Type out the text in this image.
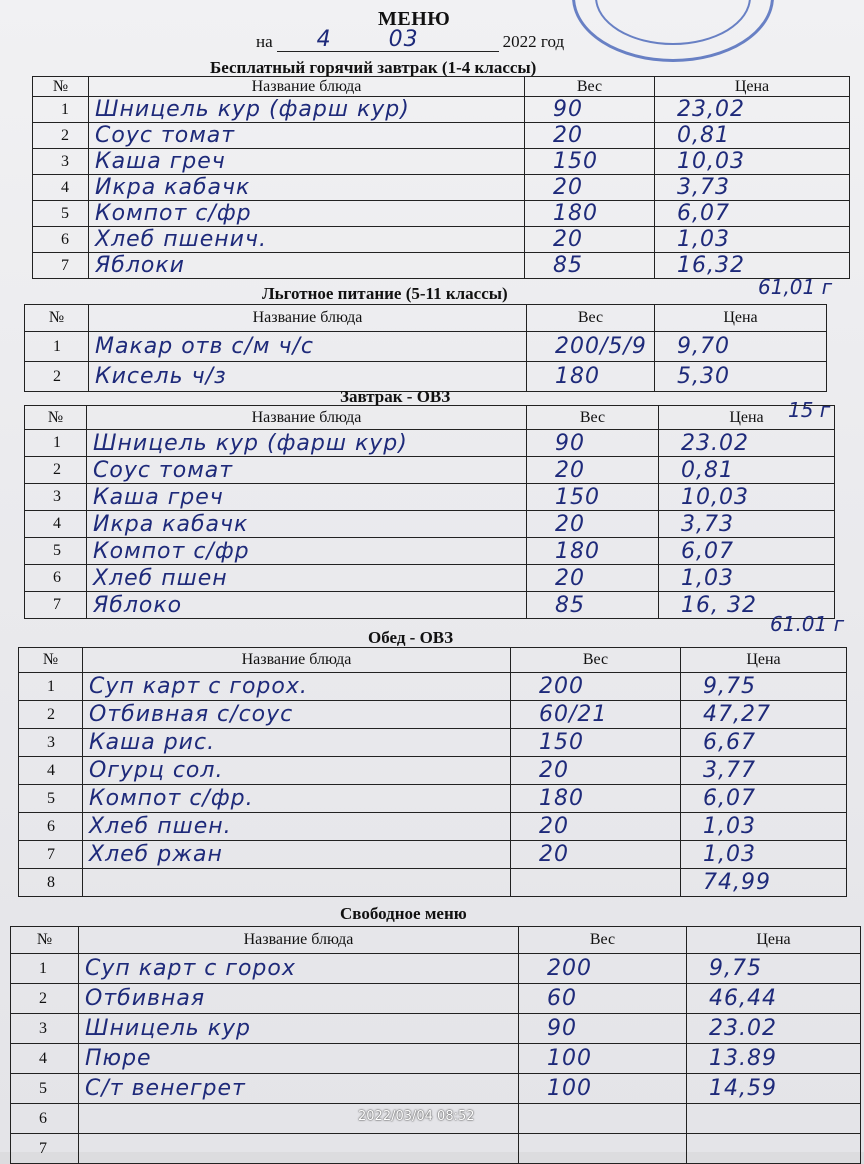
МЕНЮ
на 4	03	2022 год
Бесплатный горячий завтрак (1-4 классы)
№	Название блюда	Вес	Цена
1	Шницель кур (фарш кур)	90	23,02
2	Соус томат	20	0,81
3	Каша греч	150	10,03
4	Икра кабачк	20	3,73
5	Компот с/фр	180	6,07
6	Хлеб пшенич.	20	1,03
7	Яблоки	85	16,32
61,01 г
Льготное питание (5-11 классы)
№	Название блюда	Вес	Цена
1	Макар отв с/м ч/с	200/5/9	9,70
2	Кисель ч/з	180	5,30
15 г
Завтрак - ОВЗ
№	Название блюда	Вес	Цена
1	Шницель кур (фарш кур)	90	23.02
2	Соус томат	20	0,81
3	Каша греч	150	10,03
4	Икра кабачк	20	3,73
5	Компот с/фр	180	6,07
6	Хлеб пшен	20	1,03
7	Яблоко	85	16, 32
61.01 г
Обед - ОВЗ
№	Название блюда	Вес	Цена
1	Суп карт с горох.	200	9,75
2	Отбивная с/соус	60/21	47,27
3	Каша рис.	150	6,67
4	Огурц сол.	20	3,77
5	Компот с/фр.	180	6,07
6	Хлеб пшен.	20	1,03
7	Хлеб ржан	20	1,03
8			74,99
Свободное меню
№	Название блюда	Вес	Цена
1	Суп карт с горох	200	9,75
2	Отбивная	60	46,44
3	Шницель кур	90	23.02
4	Пюре	100	13.89
5	С/т венегрет	100	14,59
6			
7			
2022/03/04 08:52
